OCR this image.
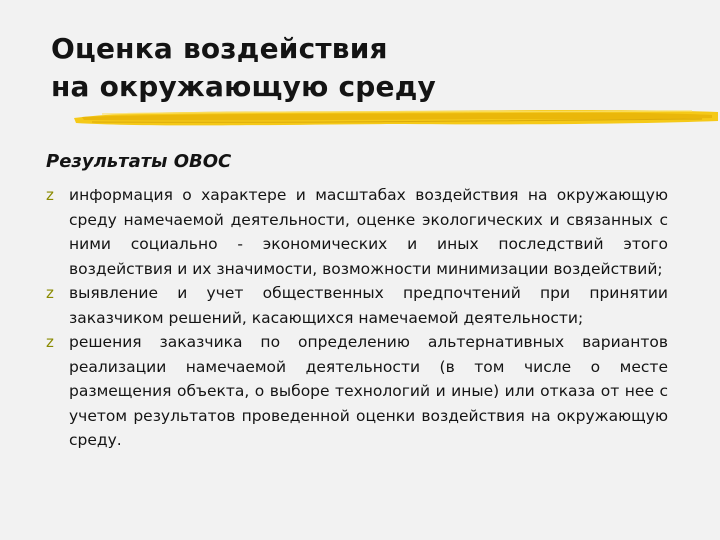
Оценка воздействия
на окружающую среду

Результаты ОВОС

z информация о характере и масштабах воздействия на окружающую среду намечаемой деятельности, оценке экологических и связанных с ними социально - экономических и иных последствий этого воздействия и их значимости, возможности минимизации воздействий;
z выявление и учет общественных предпочтений при принятии заказчиком решений, касающихся намечаемой деятельности;
z решения заказчика по определению альтернативных вариантов реализации намечаемой деятельности (в том числе о месте размещения объекта, о выборе технологий и иные) или отказа от нее с учетом результатов проведенной оценки воздействия на окружающую среду.
